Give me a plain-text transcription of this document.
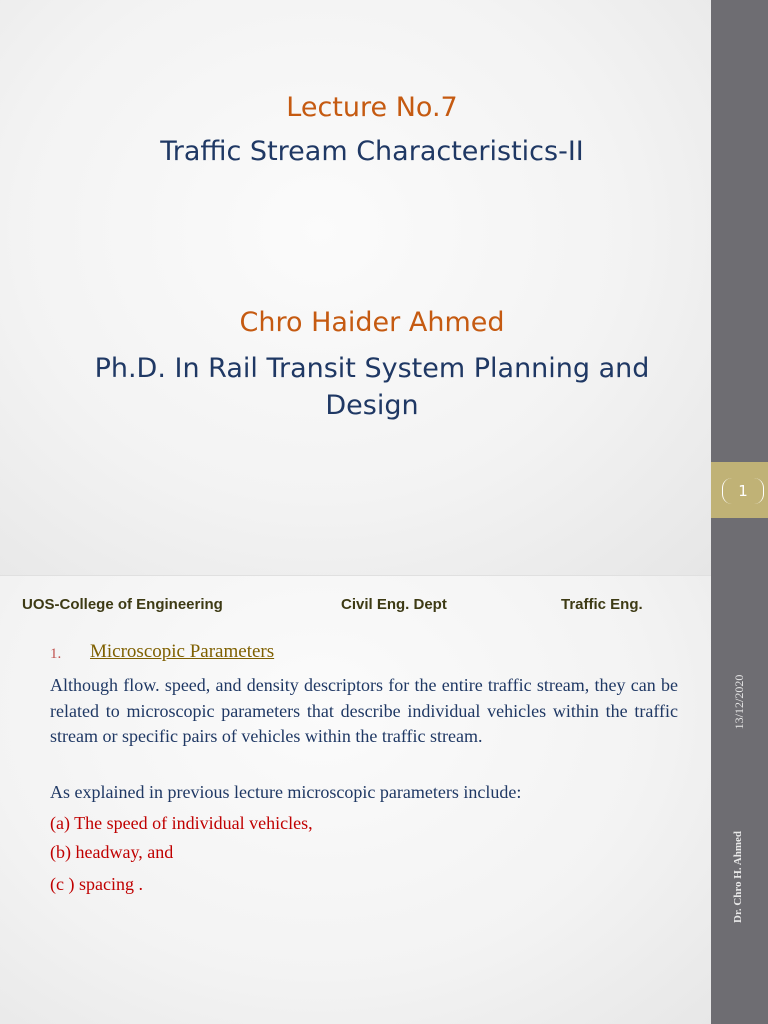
1
13/12/2020
Dr. Chro H. Ahmed
Lecture No.7
Traffic Stream Characteristics-II
Chro Haider Ahmed
Ph.D. In Rail Transit System Planning and Design
UOS-College of Engineering	Civil Eng. Dept	Traffic Eng.
1. Microscopic Parameters
Although flow. speed, and density descriptors for the entire traffic stream, they can be related to microscopic parameters that describe individual vehicles within the traffic stream or specific pairs of vehicles within the traffic stream.
As explained in previous lecture microscopic parameters include:
(a) The speed of individual vehicles,
(b) headway, and
(c ) spacing .
